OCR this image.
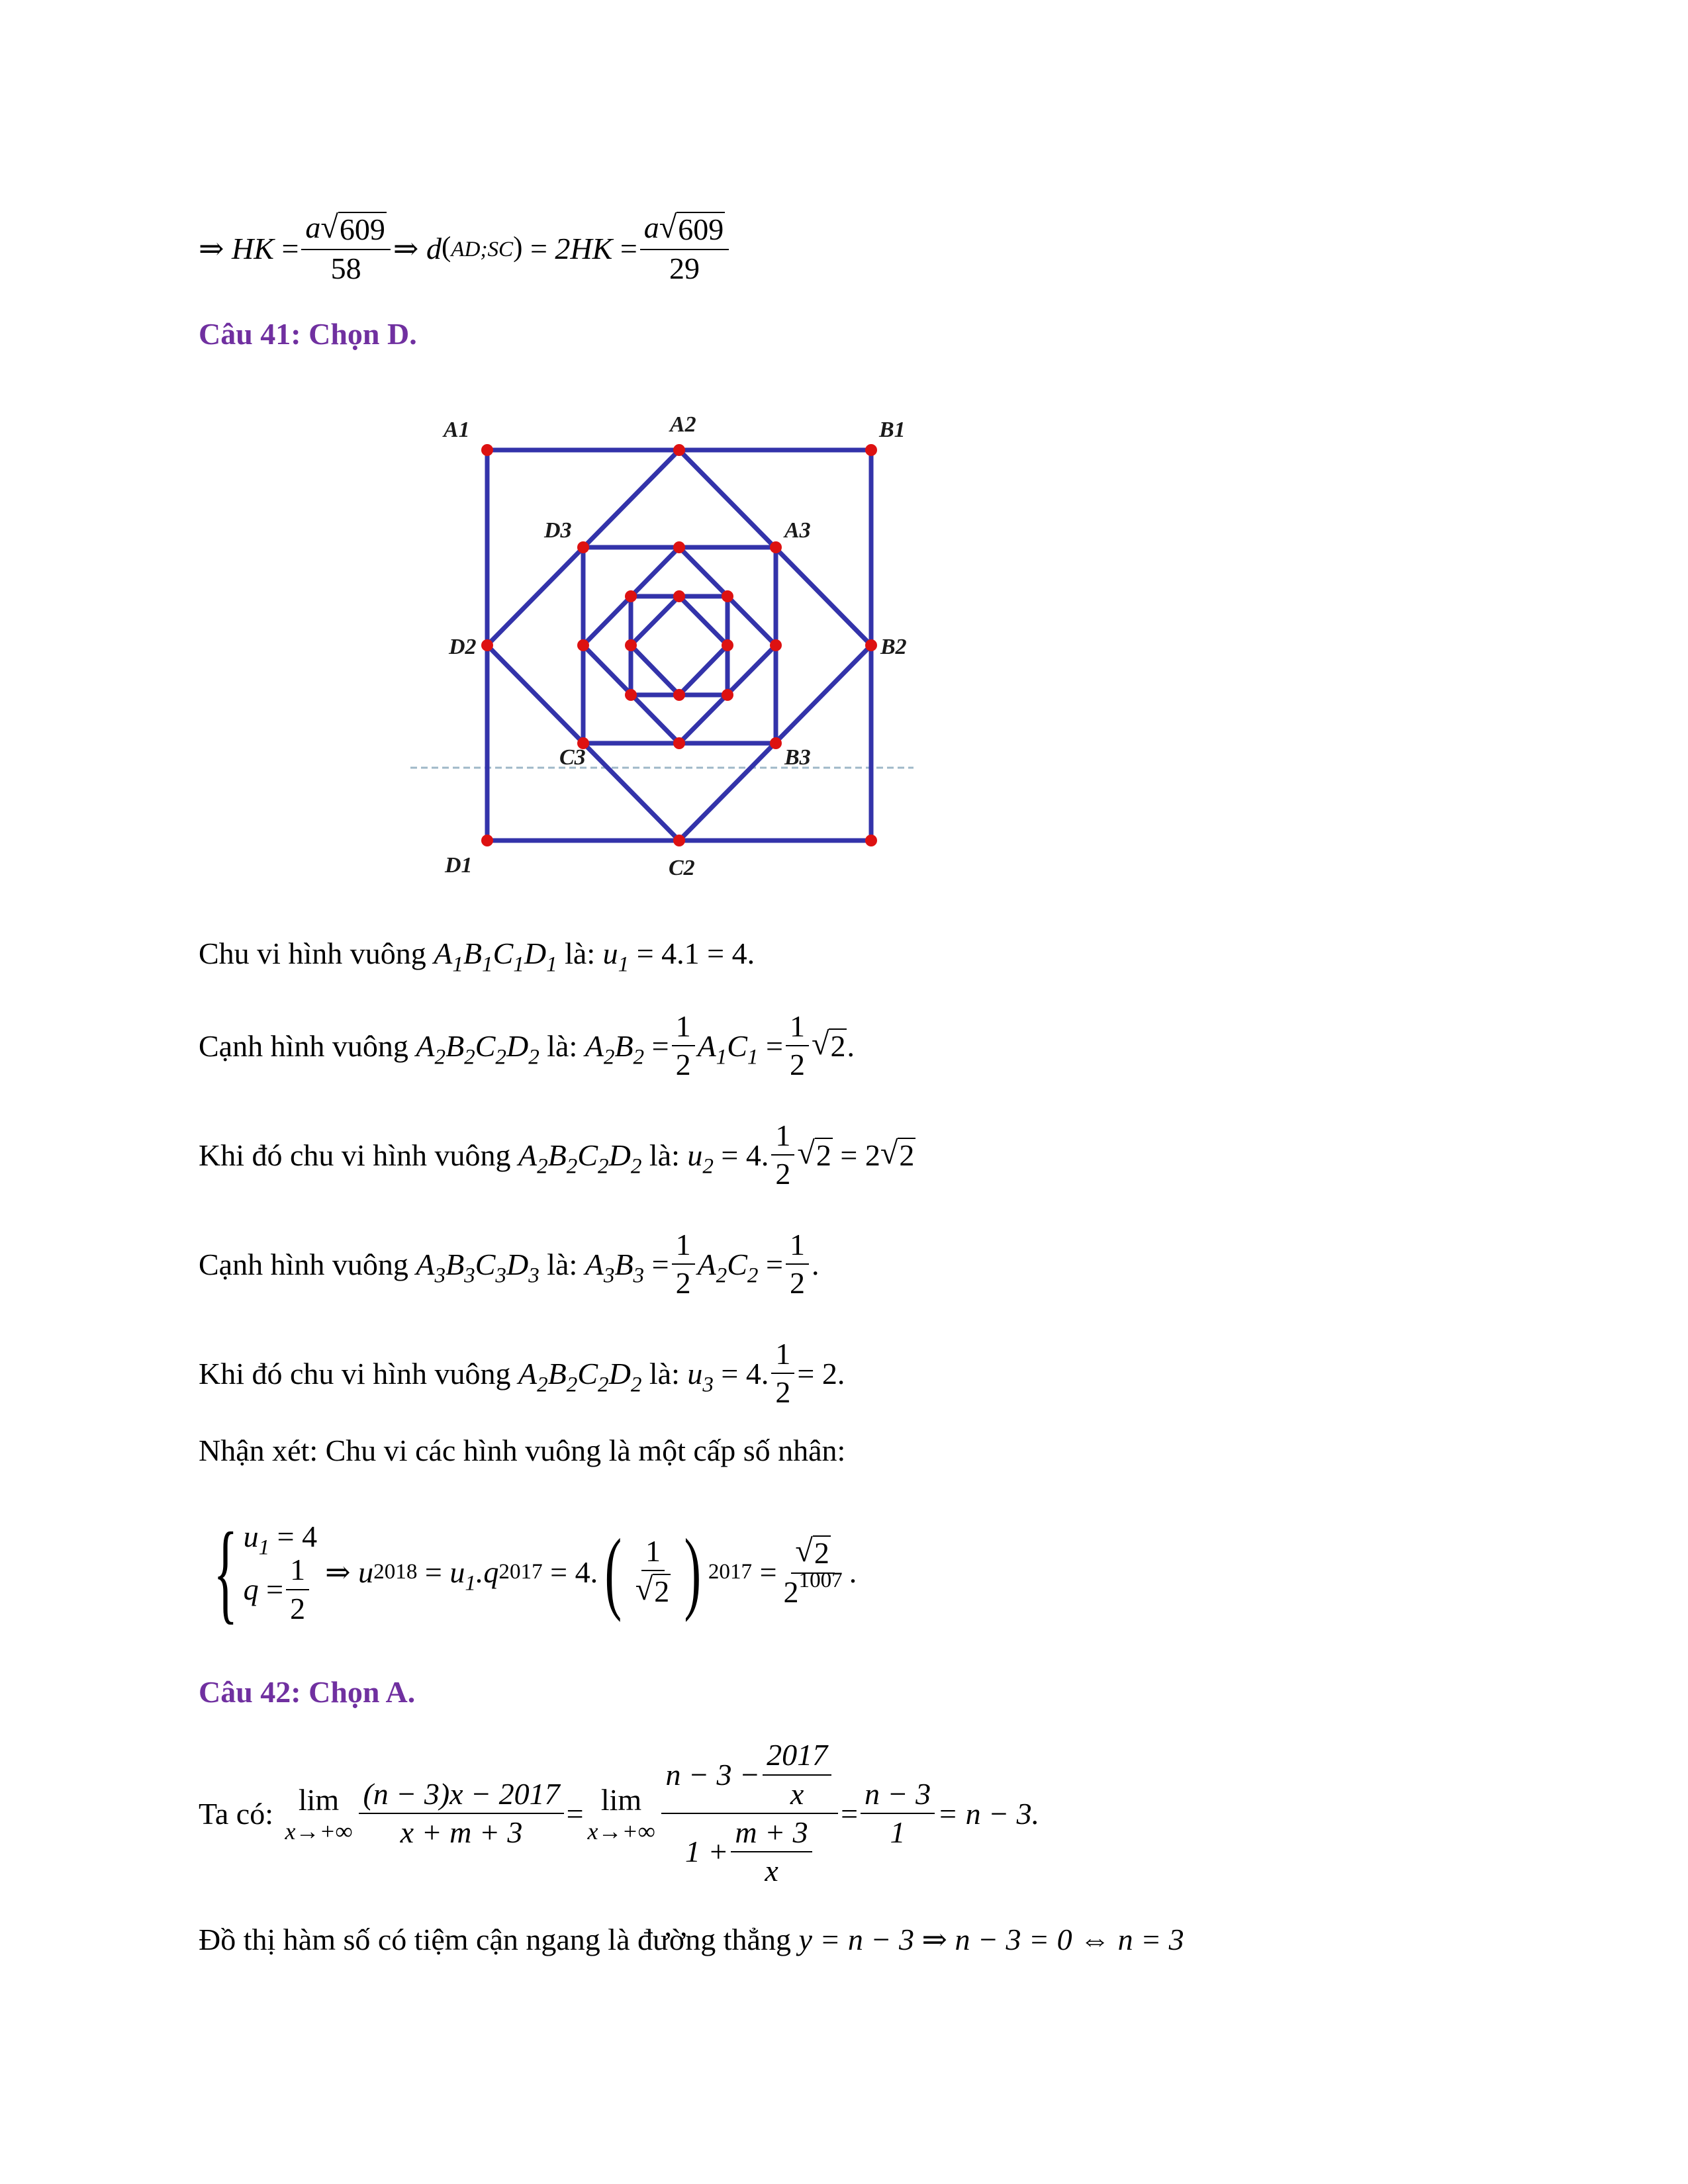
⇒
HK
= $\frac{a √ 609}{58}$ ⇒
d (AD;SC)
=
2HK
= $\frac{a √ 609}{29}$
Câu 41: Chọn D.
A1	A2	B1
D3	A3
D2	B2
C3	B3
D1	C2
Chu vi hình vuông
$A_1B_1C_1D_1$
là:
$u_1$
= 4.1 = 4.
Cạnh hình vuông
$A_2B_2C_2D_2$
là:
$A_2B_2 = \frac{1}{2} A_1C_1 = \frac{1}{2}$ √ 2 .
Khi đó chu vi hình vuông
$A_2B_2C_2D_2$
là:
$u_2 = 4$. $\frac{1}{2}$ √ 2 = 2 √ 2
Cạnh hình vuông
$A_3B_3C_3D_3$
là:
$A_3B_3 = \frac{1}{2} A_2C_2 = \frac{1}{2}$ .
Khi đó chu vi hình vuông
$A_2B_2C_2D_2$
là:
$u_3 = 4$. $\frac{1}{2} = 2$.
Nhận xét: Chu vi các hình vuông là một cấp số nhân:
{ $u_1 = 4$
$q = \frac{1}{2}$ ⇒ u $2018 = u_1.q$ 2017 = 4. ( $\frac{1}{√ 2}$ ) $2017 = \frac{√ 2}{2^{1007}}$ .
Câu 42: Chọn A.
Ta có:
lim
$x\to+\infty \frac{(n - 3)x - 2017}{x + m + 3} = \lim$
$x\to+\infty \frac{n - 3 - \frac{2017}{x}}{1 + \frac{m + 3}{x}} = \frac{n - 3}{1} = n - 3$.
Đồ thị hàm số có tiệm cận ngang là đường thẳng
y = n − 3 ⇒ n − 3 = 0 ⇔ n = 3
